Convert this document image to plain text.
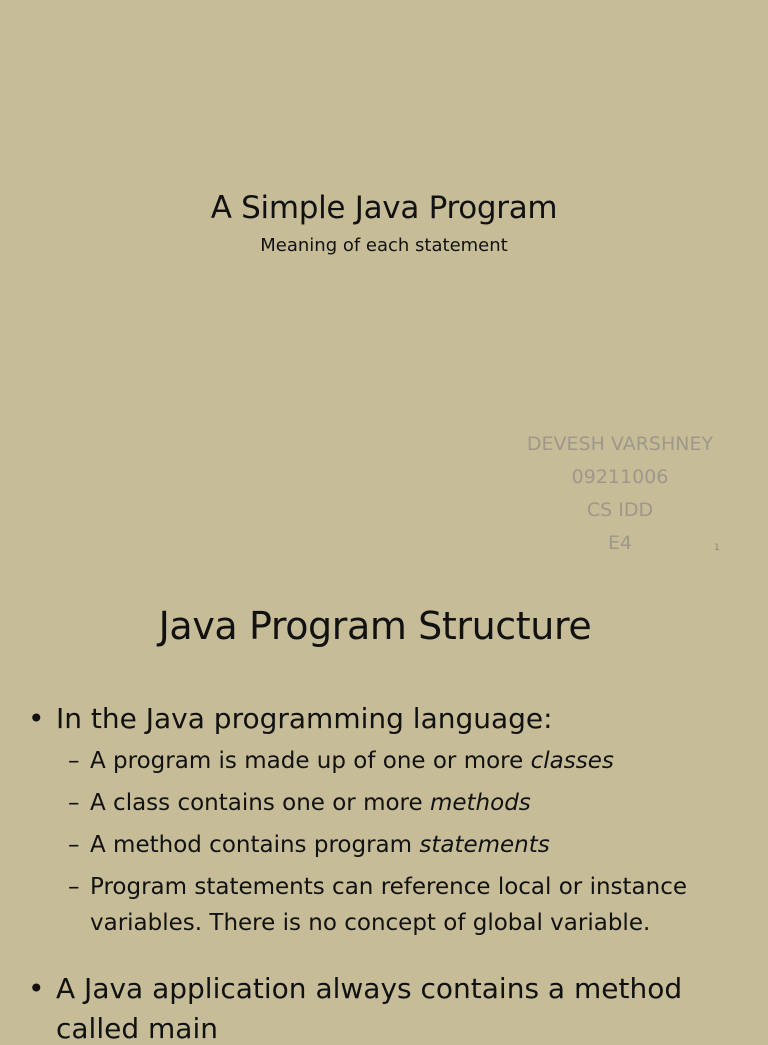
A Simple Java Program
Meaning of each statement
DEVESH VARSHNEY
09211006
CS IDD
E4	1
Java Program Structure
• In the Java programming language:
– A program is made up of one or more classes
– A class contains one or more methods
– A method contains program statements
– Program statements can reference local or instance
variables. There is no concept of global variable.
• A Java application always contains a method
called main
